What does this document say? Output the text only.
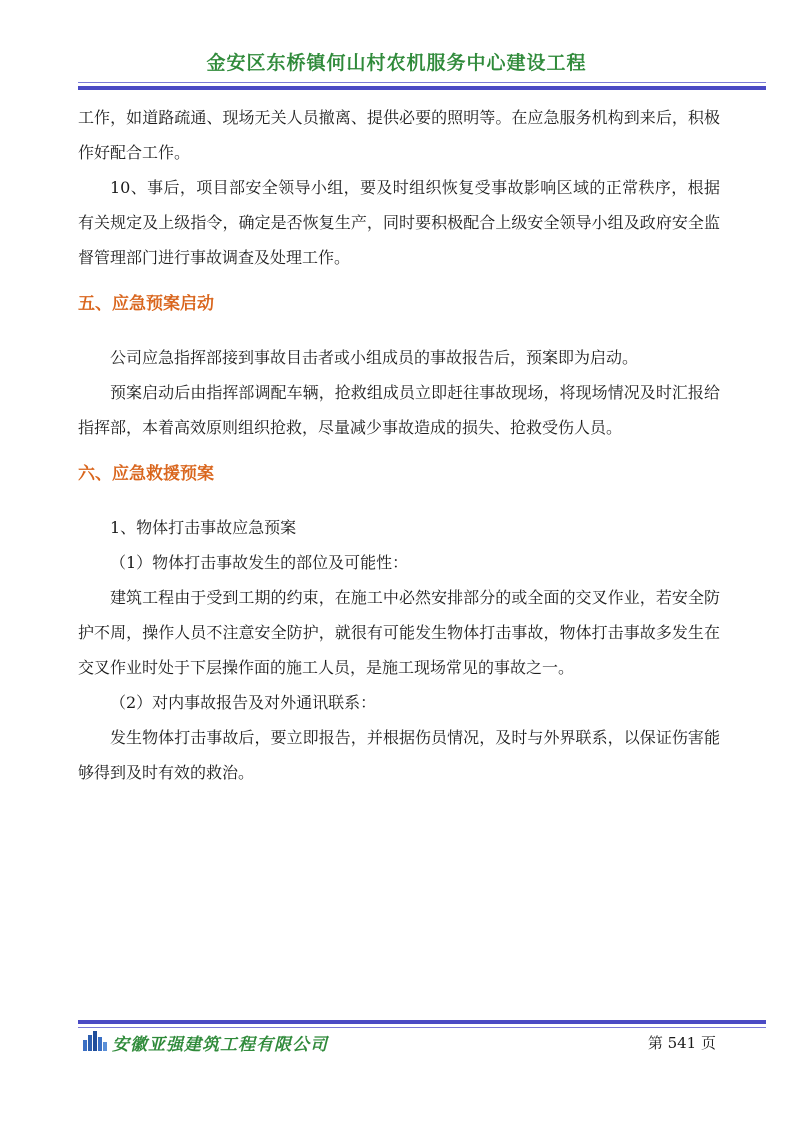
金安区东桥镇何山村农机服务中心建设工程

工作，如道路疏通、现场无关人员撤离、提供必要的照明等。在应急服务机构到来后，积极作好配合工作。

10、事后，项目部安全领导小组，要及时组织恢复受事故影响区域的正常秩序，根据有关规定及上级指令，确定是否恢复生产，同时要积极配合上级安全领导小组及政府安全监督管理部门进行事故调查及处理工作。

五、应急预案启动

公司应急指挥部接到事故目击者或小组成员的事故报告后，预案即为启动。

预案启动后由指挥部调配车辆，抢救组成员立即赶往事故现场，将现场情况及时汇报给指挥部，本着高效原则组织抢救，尽量减少事故造成的损失、抢救受伤人员。

六、应急救援预案

1、物体打击事故应急预案

（1）物体打击事故发生的部位及可能性：

建筑工程由于受到工期的约束，在施工中必然安排部分的或全面的交叉作业，若安全防护不周，操作人员不注意安全防护，就很有可能发生物体打击事故，物体打击事故多发生在交叉作业时处于下层操作面的施工人员，是施工现场常见的事故之一。

（2）对内事故报告及对外通讯联系：

发生物体打击事故后，要立即报告，并根据伤员情况，及时与外界联系，以保证伤害能够得到及时有效的救治。

安徽亚强建筑工程有限公司	第 541 页
